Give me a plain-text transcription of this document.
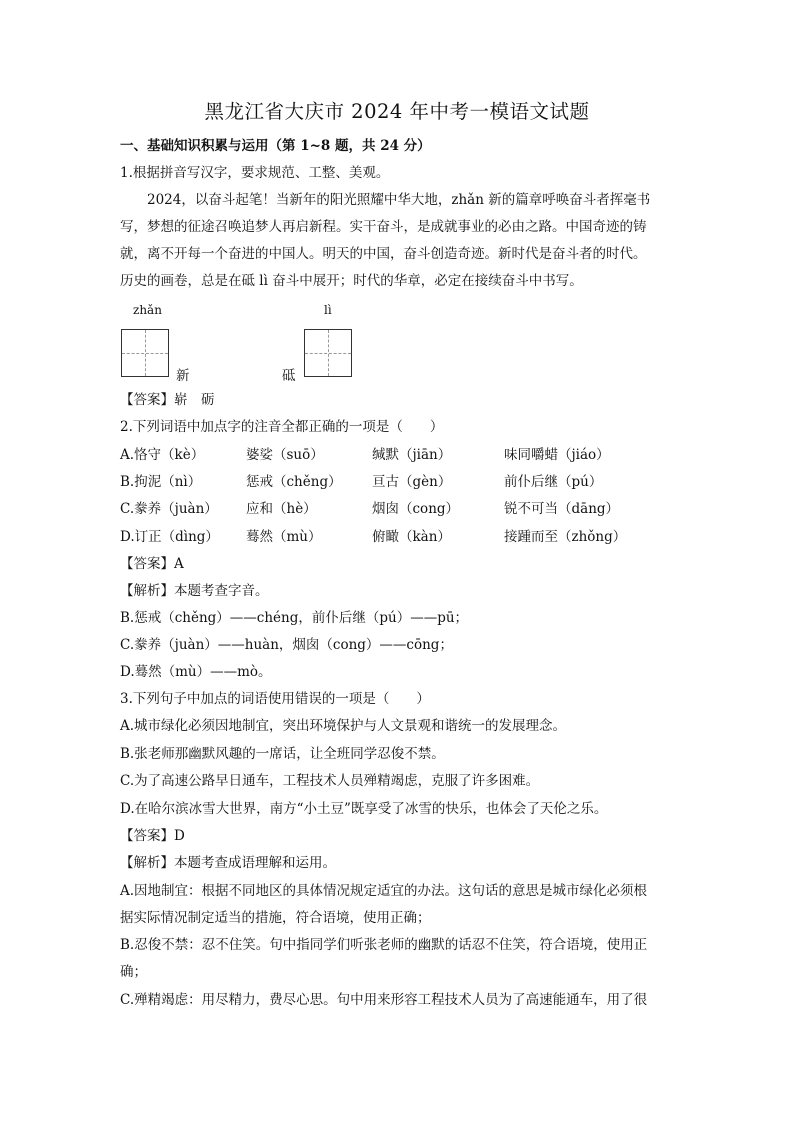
黑龙江省大庆市 2024 年中考一模语文试题
一、基础知识积累与运用（第 1~8 题，共 24 分）
1.根据拼音写汉字，要求规范、工整、美观。
2024，以奋斗起笔！当新年的阳光照耀中华大地，zhǎn 新的篇章呼唤奋斗者挥毫书
写，梦想的征途召唤追梦人再启新程。实干奋斗，是成就事业的必由之路。中国奇迹的铸
就，离不开每一个奋进的中国人。明天的中国，奋斗创造奇迹。新时代是奋斗者的时代。
历史的画卷，总是在砥 lì 奋斗中展开；时代的华章，必定在接续奋斗中书写。
zhǎn
新
lì
砥
【答案】崭　砺
2.下列词语中加点字的注音全都正确的一项是（　　）
A.恪守（kè）	婆娑（suō）	缄默（jiān）	味同嚼蜡（jiáo）
B.拘泥（nì）	惩戒（chěng） 亘古（gèn）	前仆后继（pú）
C.豢养（juàn） 应和（hè）	烟囱（cong）	锐不可当（dāng）
D.订正（dìng） 蓦然（mù）	俯瞰（kàn）	接踵而至（zhǒng）
【答案】A
【解析】本题考查字音。
B.惩戒（chěng）——chéng，前仆后继（pú）——pū；
C.豢养（juàn）——huàn，烟囱（cong）——cōng；
D.蓦然（mù）——mò。
3.下列句子中加点的词语使用错误的一项是（　　）
A.城市绿化必须因地制宜，突出环境保护与人文景观和谐统一的发展理念。
B.张老师那幽默风趣的一席话，让全班同学忍俊不禁。
C.为了高速公路早日通车，工程技术人员殚精竭虑，克服了许多困难。
D.在哈尔滨冰雪大世界，南方“小土豆”既享受了冰雪的快乐，也体会了天伦之乐。
【答案】D
【解析】本题考查成语理解和运用。
A.因地制宜：根据不同地区的具体情况规定适宜的办法。这句话的意思是城市绿化必须根
据实际情况制定适当的措施，符合语境，使用正确；
B.忍俊不禁：忍不住笑。句中指同学们听张老师的幽默的话忍不住笑，符合语境，使用正
确；
C.殚精竭虑：用尽精力，费尽心思。句中用来形容工程技术人员为了高速能通车，用了很
